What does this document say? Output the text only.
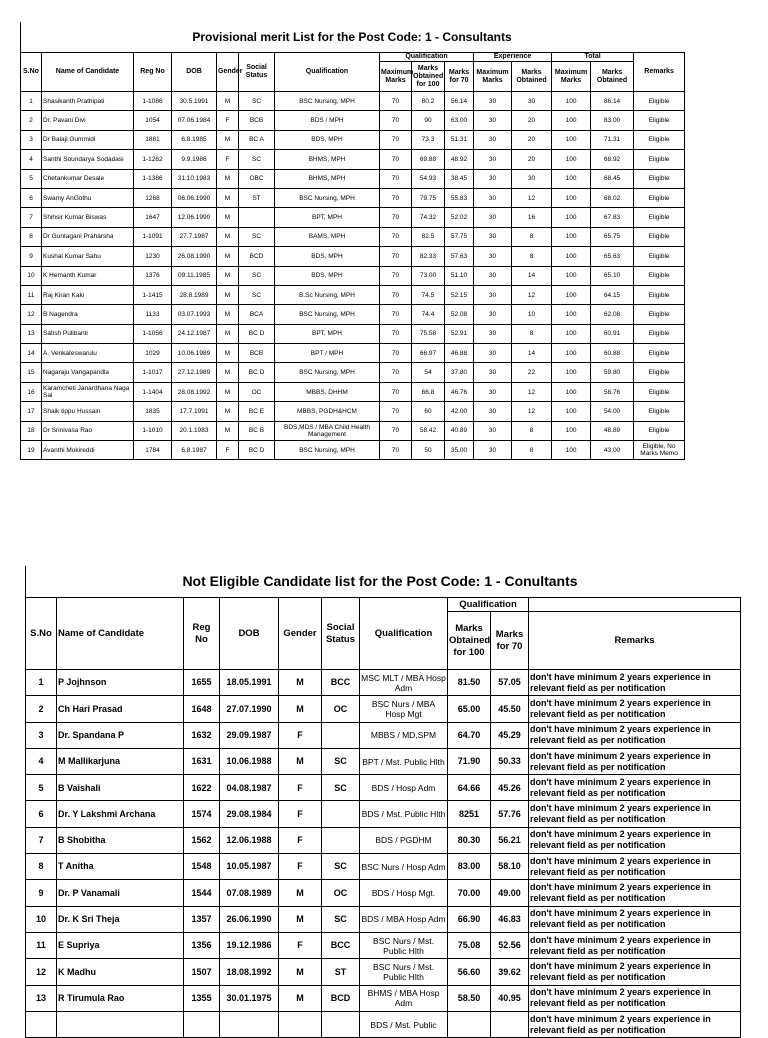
Provisional merit List for the Post Code: 1 - Consultants
S.No	Name of Candidate	Reg No	DOB	Gender	Social Status	Qualification	Qualification			Experience		Total		Remarks
							Maximum Marks	Marks Obtained for 100	Marks for 70	Maximum Marks	Marks Obtained	Maximum Marks	Marks Obtained	
1	Shasikanth Prathipati	1-1086	30.5.1991	M	SC	BSC Nursing, MPH	70	80.2	56.14	30	30	100	86.14	Eligible
2	Dr. Pavani Divi	1054	07.06.1984	F	BCB	BDS / MPH	70	90	63.00	30	20	100	83.00	Eligible
3	Dr Balaji Gummidi	1881	6.8.1985	M	BC A	BDS, MPH	70	73.3	51.31	30	20	100	71.31	Eligible
4	Santhi Soundarya Sodadasi	1-1262	9.9.1986	F	SC	BHMS, MPH	70	69.88	48.92	30	20	100	68.92	Eligible
5	Chetankumar Desale	1-1386	31.10.1983	M	OBC	BHMS, MPH	70	54.93	38.45	30	30	100	68.45	Eligible
6	Swamy AnGothu	1268	06.06.1990	M	ST	BSC Nursing, MPH	70	79.75	55.83	30	12	100	68.02	Eligible
7	Shihsir Kumar Biswas	1647	12.06.1990	M		BPT, MPH	70	74.32	52.02	30	16	100	67.83	Eligible
8	Dr Guntagani Praharsha	1-1091	27.7.1987	M	SC	BAMS, MPH	70	82.5	57.75	30	8	100	65.75	Eligible
9	Kushal Kumar Sahu	1230	26.08.1990	M	BCD	BDS, MPH	70	82.33	57.63	30	8	100	65.63	Eligible
10	K Hemanth Kumar	1376	09.11.1985	M	SC	BDS, MPH	70	73.00	51.10	30	14	100	65.10	Eligible
11	Raj Kiran Kaki	1-1415	28.8.1989	M	SC	B.Sc Nursing, MPH	70	74.5	52.15	30	12	100	64.15	Eligible
12	B Nagendra	1133	03.07.1993	M	BCA	BSC Nursing, MPH	70	74.4	52.08	30	10	100	62.08	Eligible
13	Satish Pulibanti	1-1056	24.12.1987	M	BC D	BPT, MPH	70	75.58	52.91	30	8	100	60.91	Eligible
14	A. Venkateswarulu	1029	10.06.1989	M	BCB	BPT / MPH	70	66.97	46.88	30	14	100	60.88	Eligible
15	Nagaraju Vangapandla	1-1017	27.12.1989	M	BC D	BSC Nursing, MPH	70	54	37.80	30	22	100	59.80	Eligible
16	Karamcheti Janardhana Naga Sai	1-1404	28.08.1992	M	OC	MBBS, DHHM	70	66.8	46.76	30	12	100	58.76	Eligible
17	Shaik tippu Hussain	1835	17.7.1991	M	BC E	MBBS, PGDH&HCM	70	60	42.00	30	12	100	54.00	Eligible
18	Dr Srinivasa Rao	1-1010	20.1.1983	M	BC B	BDS,MDS / MBA Child Health Management	70	58.42	40.89	30	8	100	48.89	Eligible
19	Avanthi Mokireddi	1784	6.8.1987	F	BC D	BSC Nursing, MPH	70	50	35.00	30	8	100	43.00	Eligible, No Marks Memo
Not Eligible Candidate list for the Post Code: 1 - Conultants
S.No	Name of Candidate	Reg No	DOB	Gender	Social Status	Qualification	Qualification		
							Marks Obtained for 100	Marks for 70	Remarks
1	P Jojhnson	1655	18.05.1991	M	BCC	MSC MLT / MBA Hosp Adm	81.50	57.05	don't have minimum 2 years experience in relevant field as per notification
2	Ch Hari Prasad	1648	27.07.1990	M	OC	BSC Nurs / MBA Hosp Mgt	65.00	45.50	don't have minimum 2 years experience in relevant field as per notification
3	Dr. Spandana P	1632	29.09.1987	F		MBBS / MD,SPM	64.70	45.29	don't have minimum 2 years experience in relevant field as per notification
4	M Mallikarjuna	1631	10.06.1988	M	SC	BPT / Mst. Public Hlth	71.90	50.33	don't have minimum 2 years experience in relevant field as per notification
5	B Vaishali	1622	04.08.1987	F	SC	BDS / Hosp Adm	64.66	45.26	don't have minimum 2 years experience in relevant field as per notification
6	Dr. Y Lakshmi Archana	1574	29.08.1984	F		BDS / Mst. Public Hlth	8251	57.76	don't have minimum 2 years experience in relevant field as per notification
7	B Shobitha	1562	12.06.1988	F		BDS / PGDHM	80.30	56.21	don't have minimum 2 years experience in relevant field as per notification
8	T Anitha	1548	10.05.1987	F	SC	BSC Nurs / Hosp Adm	83.00	58.10	don't have minimum 2 years experience in relevant field as per notification
9	Dr. P Vanamali	1544	07.08.1989	M	OC	BDS / Hosp Mgt.	70.00	49.00	don't have minimum 2 years experience in relevant field as per notification
10	Dr. K Sri Theja	1357	26.06.1990	M	SC	BDS / MBA Hosp Adm	66.90	46.83	don't have minimum 2 years experience in relevant field as per notification
11	E Supriya	1356	19.12.1986	F	BCC	BSC Nurs / Mst. Public Hlth	75.08	52.56	don't have minimum 2 years experience in relevant field as per notification
12	K Madhu	1507	18.08.1992	M	ST	BSC Nurs / Mst. Public Hlth	56.60	39.62	don't have minimum 2 years experience in relevant field as per notification
13	R Tirumula Rao	1355	30.01.1975	M	BCD	BHMS / MBA Hosp Adm	58.50	40.95	don't have minimum 2 years experience in relevant field as per notification
						BDS / Mst. Public			don't have minimum 2 years experience in relevant field as per notification
